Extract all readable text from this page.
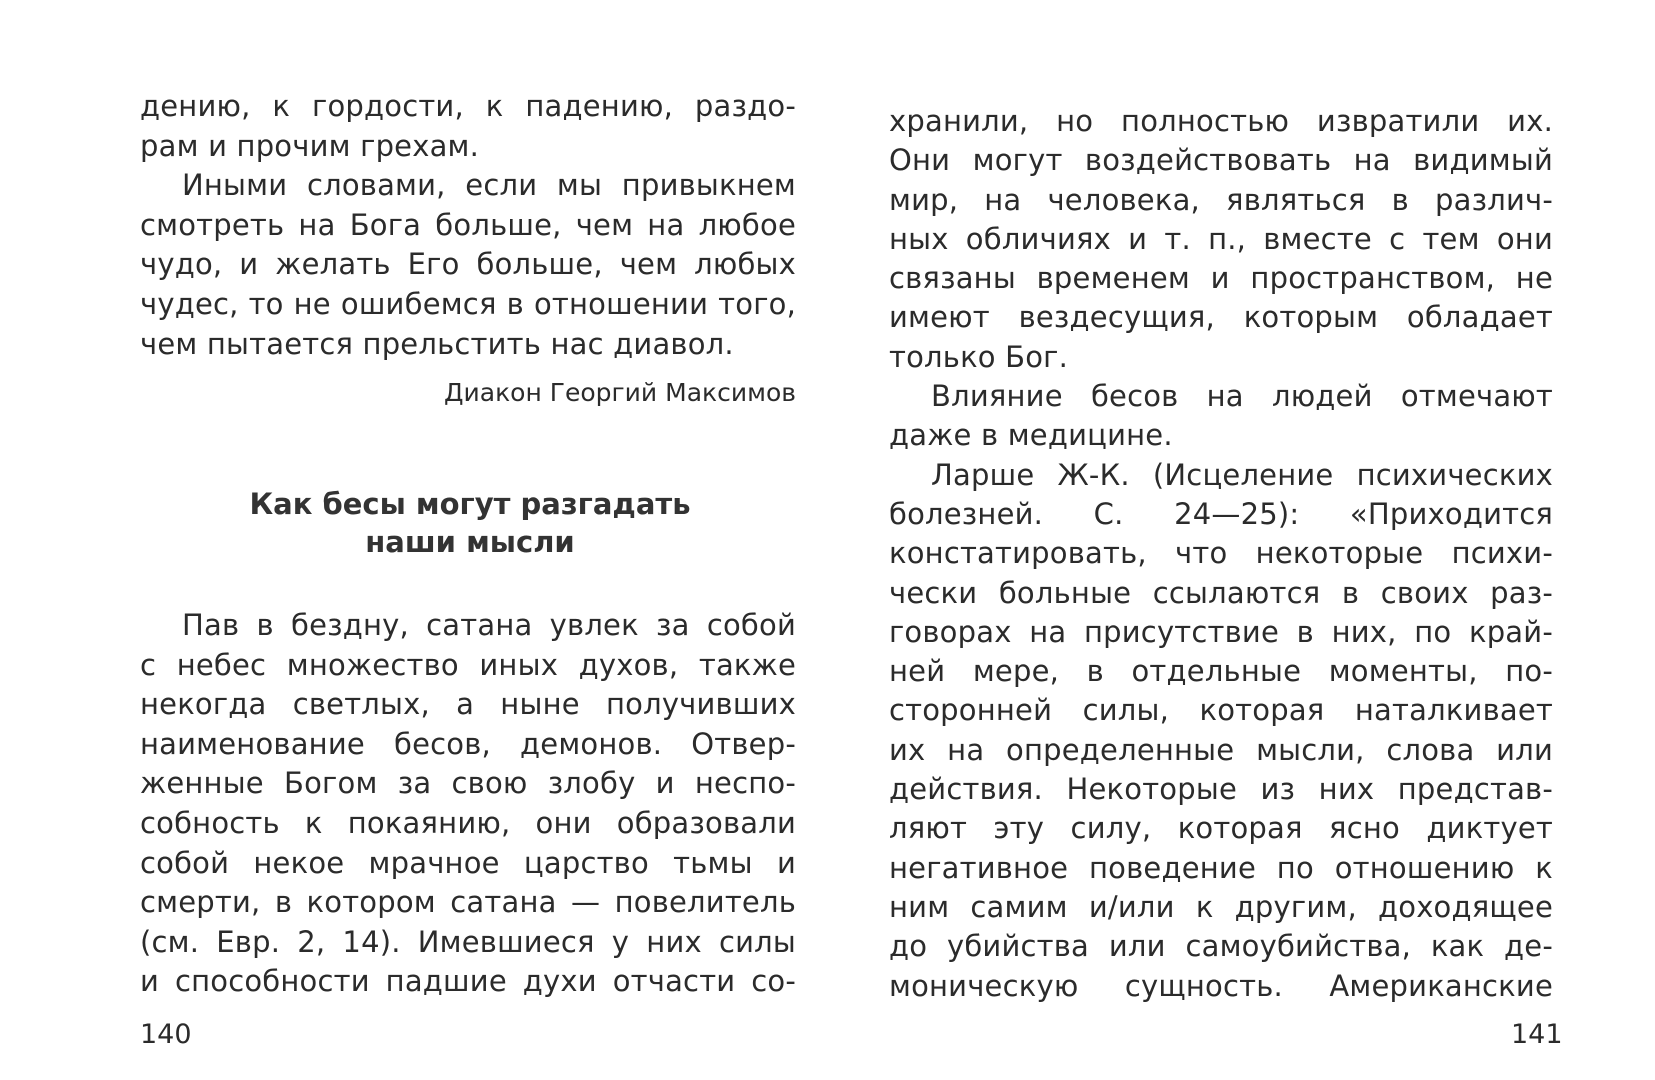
дению, к гордости, к падению, раздо-
рам и прочим грехам.
Иными словами, если мы привыкнем
смотреть на Бога больше, чем на любое
чудо, и желать Его больше, чем любых
чудес, то не ошибемся в отношении того,
чем пытается прельстить нас диавол.
Диакон Георгий Максимов
Как бесы могут разгадать
наши мысли
Пав в бездну, сатана увлек за собой
с небес множество иных духов, также
некогда светлых, а ныне получивших
наименование бесов, демонов. Отвер-
женные Богом за свою злобу и неспо-
собность к покаянию, они образовали
собой некое мрачное царство тьмы и
смерти, в котором сатана — повелитель
(см. Евр. 2, 14). Имевшиеся у них силы
и способности падшие духи отчасти со-
140
хранили, но полностью извратили их.
Они могут воздействовать на видимый
мир, на человека, являться в различ-
ных обличиях и т. п., вместе с тем они
связаны временем и пространством, не
имеют вездесущия, которым обладает
только Бог.
Влияние бесов на людей отмечают
даже в медицине.
Ларше Ж-К. (Исцеление психических
болезней. С. 24—25): «Приходится
констатировать, что некоторые психи-
чески больные ссылаются в своих раз-
говорах на присутствие в них, по край-
ней мере, в отдельные моменты, по-
сторонней силы, которая наталкивает
их на определенные мысли, слова или
действия. Некоторые из них представ-
ляют эту силу, которая ясно диктует
негативное поведение по отношению к
ним самим и/или к другим, доходящее
до убийства или самоубийства, как де-
моническую сущность. Американские
141
